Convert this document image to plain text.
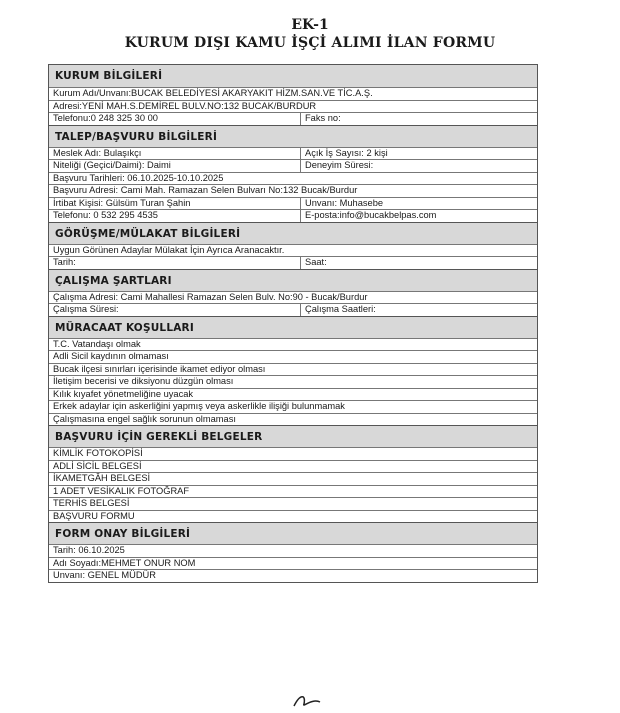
EK-1
KURUM DIŞI KAMU İŞÇİ ALIMI İLAN FORMU
KURUM BİLGİLERİ
Kurum Adı/Unvanı:BUCAK BELEDİYESİ AKARYAKIT HİZM.SAN.VE TİC.A.Ş.
Adresi:YENİ MAH.S.DEMİREL BULV.NO:132 BUCAK/BURDUR
Telefonu:0 248 325 30 00	Faks no:
TALEP/BAŞVURU BİLGİLERİ
Meslek Adı: Bulaşıkçı	Açık İş Sayısı: 2 kişi
Niteliği (Geçici/Daimi): Daimi	Deneyim Süresi:
Başvuru Tarihleri: 06.10.2025-10.10.2025
Başvuru Adresi: Cami Mah. Ramazan Selen Bulvarı No:132 Bucak/Burdur
İrtibat Kişisi: Gülsüm Turan Şahin	Unvanı: Muhasebe
Telefonu: 0 532 295 4535	E-posta:info@bucakbelpas.com
GÖRÜŞME/MÜLAKAT BİLGİLERİ
Uygun Görünen Adaylar Mülakat İçin Ayrıca Aranacaktır.
Tarih:	Saat:
ÇALIŞMA ŞARTLARI
Çalışma Adresi: Cami Mahallesi Ramazan Selen Bulv. No:90 - Bucak/Burdur
Çalışma Süresi:	Çalışma Saatleri:
MÜRACAAT KOŞULLARI
T.C. Vatandaşı olmak
Adli Sicil kaydının olmaması
Bucak ilçesi sınırları içerisinde ikamet ediyor olması
İletişim becerisi ve diksiyonu düzgün olması
Kılık kıyafet yönetmeliğine uyacak
Erkek adaylar için askerliğini yapmış veya askerlikle ilişiği bulunmamak
Çalışmasına engel sağlık sorunun olmaması
BAŞVURU İÇİN GEREKLİ BELGELER
KİMLİK FOTOKOPİSİ
ADLİ SİCİL BELGESİ
İKAMETGÂH BELGESİ
1 ADET VESİKALIK FOTOĞRAF
TERHİS BELGESİ
BAŞVURU FORMU
FORM ONAY BİLGİLERİ
Tarih: 06.10.2025
Adı Soyadı:MEHMET ONUR NOM
Unvanı: GENEL MÜDÜR
